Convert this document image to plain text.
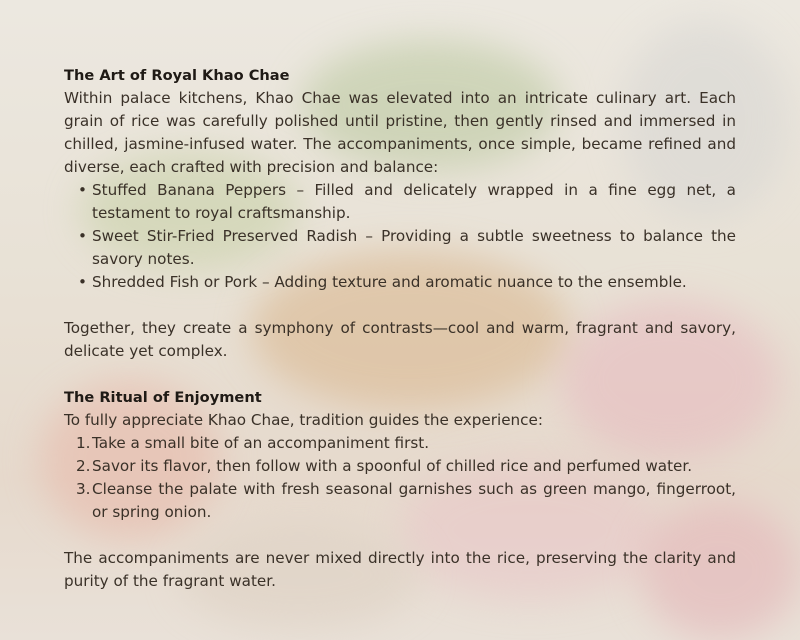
The Art of Royal Khao Chae

Within palace kitchens, Khao Chae was elevated into an intricate culinary art. Each grain of rice was carefully polished until pristine, then gently rinsed and immersed in chilled, jasmine-infused water. The accompaniments, once simple, became refined and diverse, each crafted with precision and balance:

• Stuffed Banana Peppers – Filled and delicately wrapped in a fine egg net, a testament to royal craftsmanship.
• Sweet Stir-Fried Preserved Radish – Providing a subtle sweetness to balance the savory notes.
• Shredded Fish or Pork – Adding texture and aromatic nuance to the ensemble.

Together, they create a symphony of contrasts—cool and warm, fragrant and savory, delicate yet complex.

The Ritual of Enjoyment

To fully appreciate Khao Chae, tradition guides the experience:

1. Take a small bite of an accompaniment first.
2. Savor its flavor, then follow with a spoonful of chilled rice and perfumed water.
3. Cleanse the palate with fresh seasonal garnishes such as green mango, fingerroot, or spring onion.

The accompaniments are never mixed directly into the rice, preserving the clarity and purity of the fragrant water.
